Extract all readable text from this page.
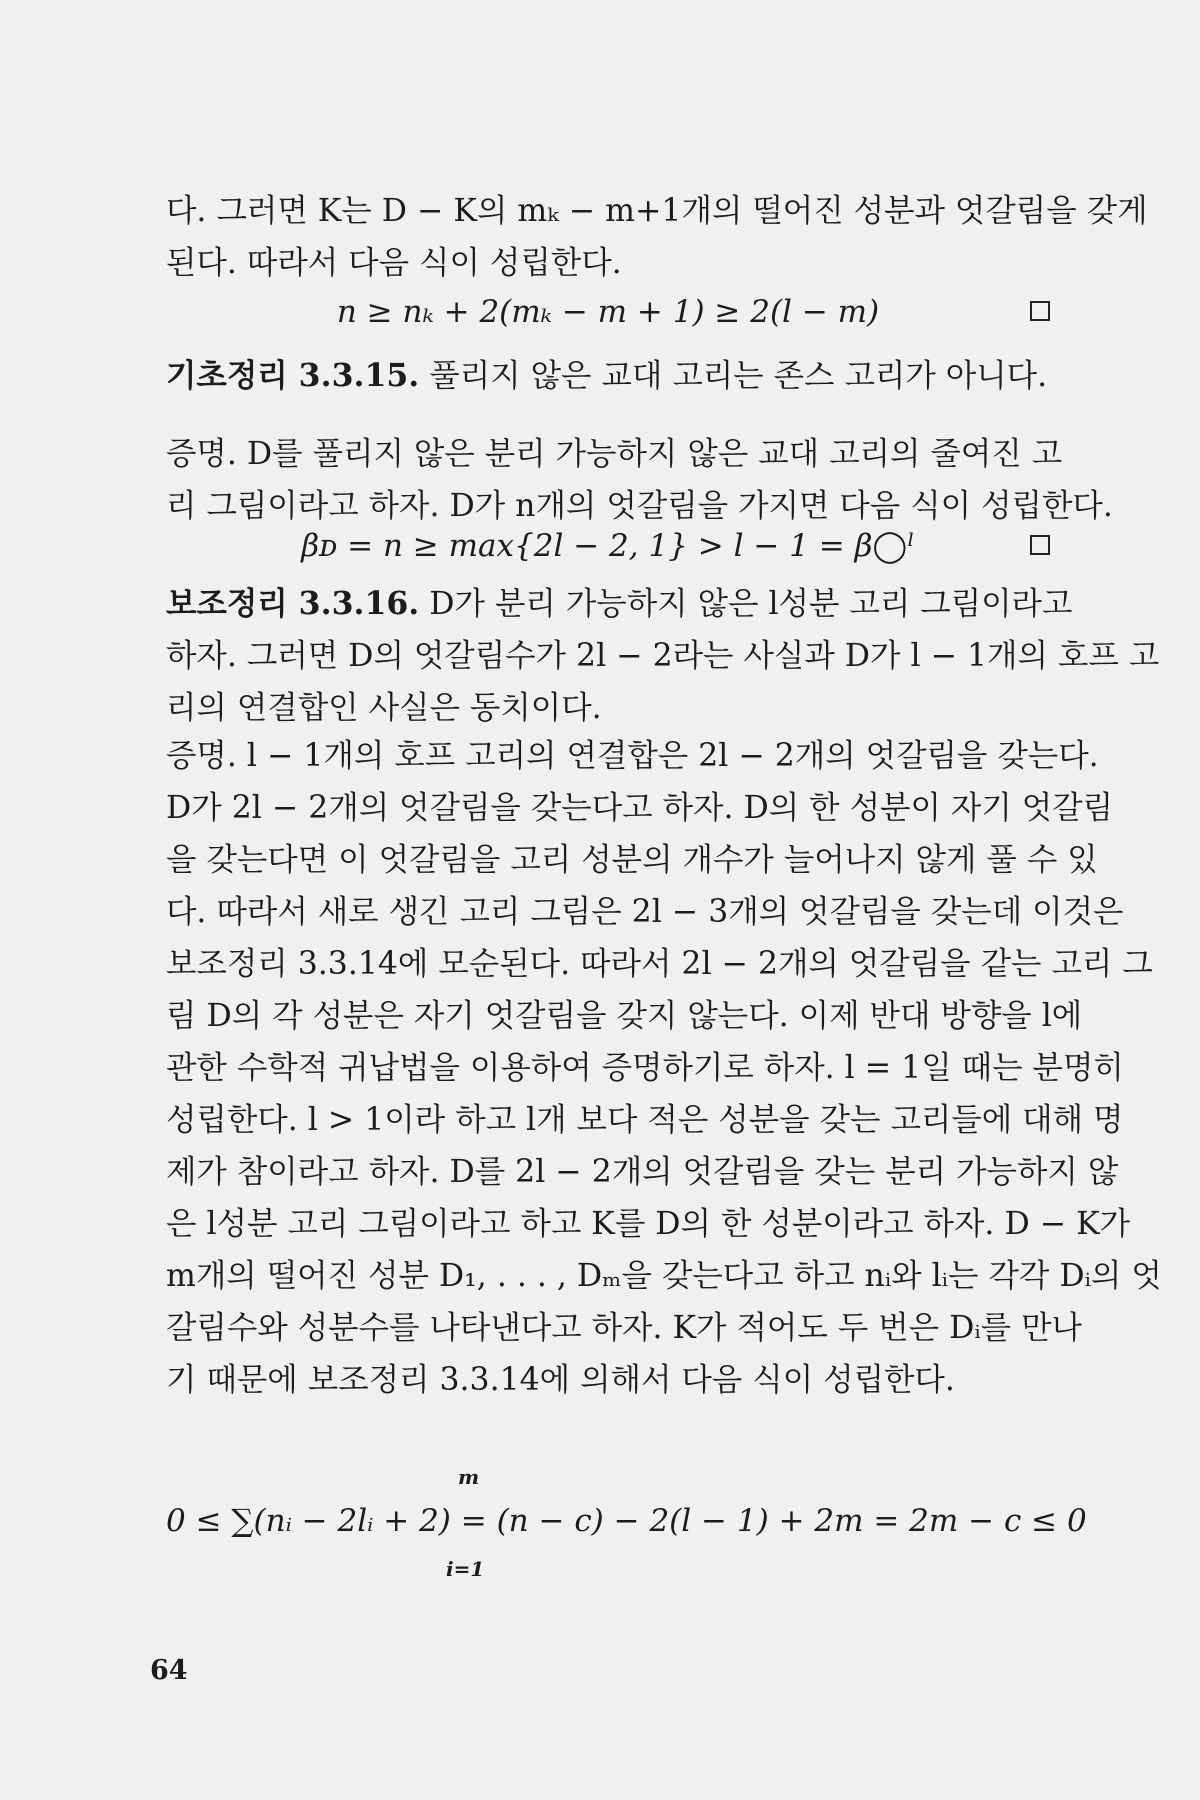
다. 그러면 K는 D − K의 mₖ − m+1개의 떨어진 성분과 엇갈림을 갖게
된다. 따라서 다음 식이 성립한다.
n ≥ nₖ + 2(mₖ − m + 1) ≥ 2(l − m)
기초정리 3.3.15. 풀리지 않은 교대 고리는 존스 고리가 아니다.
증명. D를 풀리지 않은 분리 가능하지 않은 교대 고리의 줄여진 고
리 그림이라고 하자. D가 n개의 엇갈림을 가지면 다음 식이 성립한다.
βᴅ = n ≥ max{2l − 2, 1} > l − 1 = β◯ˡ
보조정리 3.3.16. D가 분리 가능하지 않은 l성분 고리 그림이라고
하자. 그러면 D의 엇갈림수가 2l − 2라는 사실과 D가 l − 1개의 호프 고
리의 연결합인 사실은 동치이다.
증명. l − 1개의 호프 고리의 연결합은 2l − 2개의 엇갈림을 갖는다.
D가 2l − 2개의 엇갈림을 갖는다고 하자. D의 한 성분이 자기 엇갈림
을 갖는다면 이 엇갈림을 고리 성분의 개수가 늘어나지 않게 풀 수 있
다. 따라서 새로 생긴 고리 그림은 2l − 3개의 엇갈림을 갖는데 이것은
보조정리 3.3.14에 모순된다. 따라서 2l − 2개의 엇갈림을 같는 고리 그
림 D의 각 성분은 자기 엇갈림을 갖지 않는다. 이제 반대 방향을 l에
관한 수학적 귀납법을 이용하여 증명하기로 하자. l = 1일 때는 분명히
성립한다. l > 1이라 하고 l개 보다 적은 성분을 갖는 고리들에 대해 명
제가 참이라고 하자. D를 2l − 2개의 엇갈림을 갖는 분리 가능하지 않
은 l성분 고리 그림이라고 하고 K를 D의 한 성분이라고 하자. D − K가
m개의 떨어진 성분 D₁, . . . , Dₘ을 갖는다고 하고 nᵢ와 lᵢ는 각각 Dᵢ의 엇
갈림수와 성분수를 나타낸다고 하자. K가 적어도 두 번은 Dᵢ를 만나
기 때문에 보조정리 3.3.14에 의해서 다음 식이 성립한다.
m
0 ≤ ∑(nᵢ − 2lᵢ + 2) = (n − c) − 2(l − 1) + 2m = 2m − c ≤ 0
i=1
64
